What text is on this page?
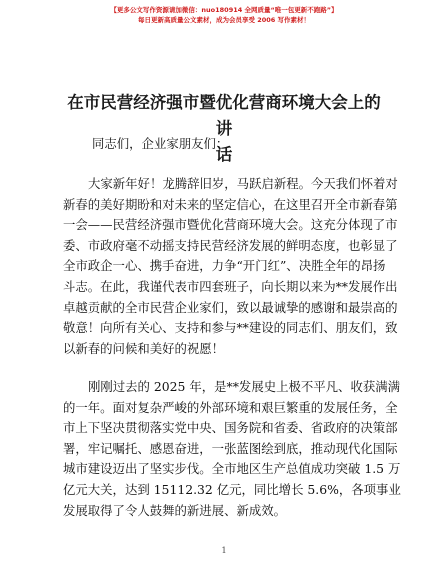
【更多公文写作资源请加微信：nuo180914 全网质量“唯一包更新不跑路”】
每日更新高质量公文素材，成为会员享受 2006 写作素材！
在市民营经济强市暨优化营商环境大会上的讲
话
同志们，企业家朋友们：
大家新年好！龙腾辞旧岁，马跃启新程。今天我们怀着对
新春的美好期盼和对未来的坚定信心，在这里召开全市新春第
一会——民营经济强市暨优化营商环境大会。这充分体现了市
委、市政府毫不动摇支持民营经济发展的鲜明态度，也彰显了
全市政企一心、携手奋进，力争“开门红”、决胜全年的昂扬
斗志。在此，我谨代表市四套班子，向长期以来为**发展作出
卓越贡献的全市民营企业家们，致以最诚挚的感谢和最崇高的
敬意！向所有关心、支持和参与**建设的同志们、朋友们，致
以新春的问候和美好的祝愿！
刚刚过去的 2025 年，是**发展史上极不平凡、收获满满
的一年。面对复杂严峻的外部环境和艰巨繁重的发展任务，全
市上下坚决贯彻落实党中央、国务院和省委、省政府的决策部
署，牢记嘱托、感恩奋进，一张蓝图绘到底，推动现代化国际
城市建设迈出了坚实步伐。全市地区生产总值成功突破 1.5 万
亿元大关，达到 15112.32 亿元，同比增长 5.6%，各项事业
发展取得了令人鼓舞的新进展、新成效。
1
